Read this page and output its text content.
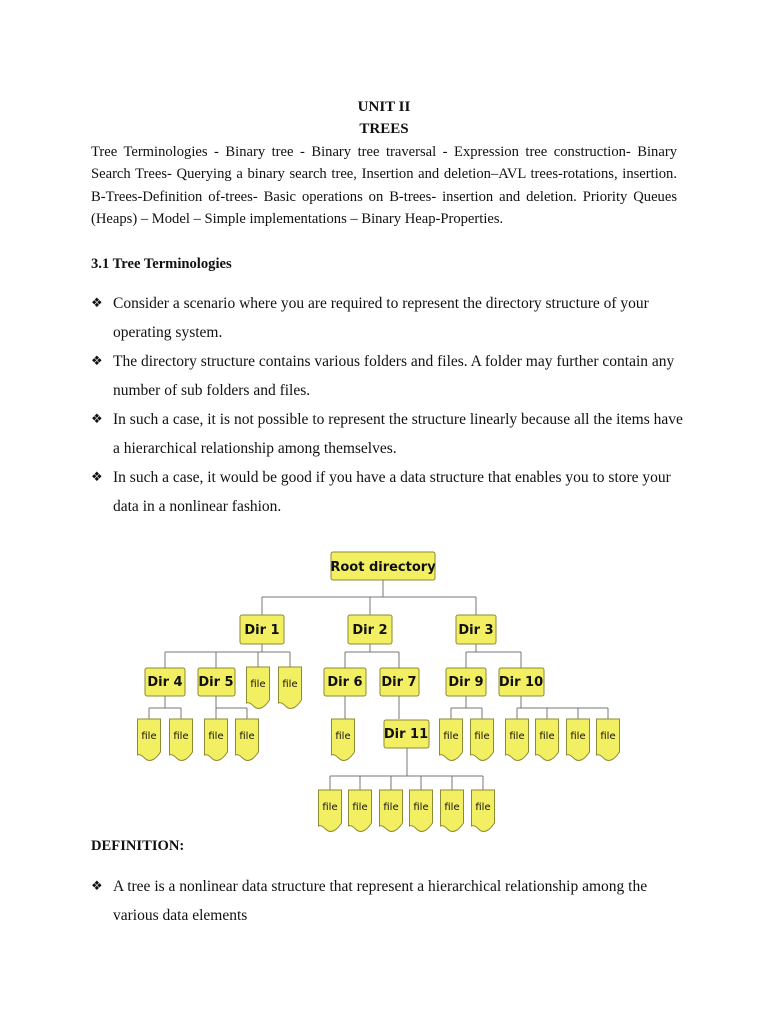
UNIT II
TREES

Tree Terminologies - Binary tree - Binary tree traversal - Expression tree construction- Binary Search Trees- Querying a binary search tree, Insertion and deletion–AVL trees-rotations, insertion. B-Trees-Definition of-trees- Basic operations on B-trees- insertion and deletion. Priority Queues (Heaps) – Model – Simple implementations – Binary Heap-Properties.

3.1 Tree Terminologies
❖ Consider a scenario where you are required to represent the directory structure of your operating system.
❖ The directory structure contains various folders and files. A folder may further contain any number of sub folders and files.
❖ In such a case, it is not possible to represent the structure linearly because all the items have a hierarchical relationship among themselves.
❖ In such a case, it would be good if you have a data structure that enables you to store your data in a nonlinear fashion.
Root directory
Dir 1	Dir 2	Dir 3
Dir 4 Dir 5	Dir 6 Dir 7 Dir 9 Dir 10
Dir 11
file file
file file file file	file	file file file file file file
file file file file file file
DEFINITION:
❖ A tree is a nonlinear data structure that represent a hierarchical relationship among the various data elements
